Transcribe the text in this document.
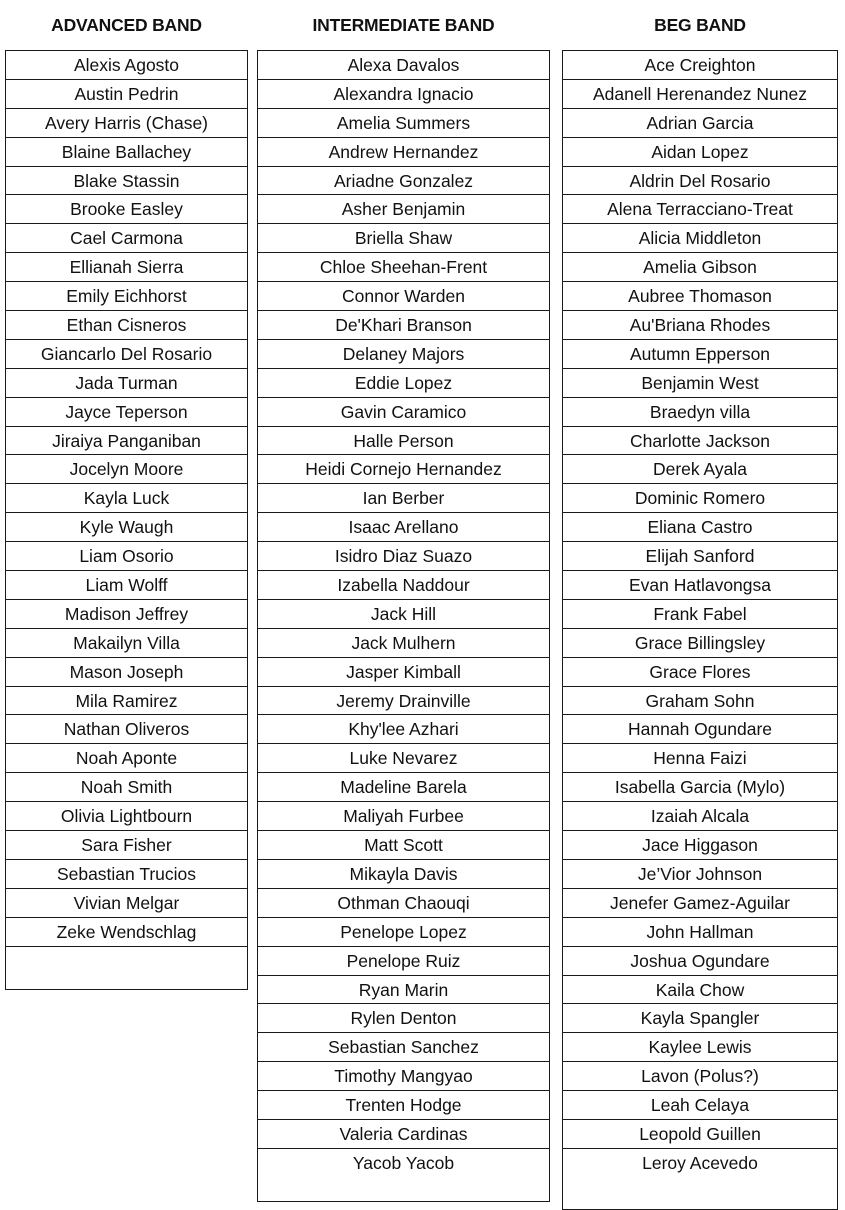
ADVANCED BAND
Alexis Agosto
Austin Pedrin
Avery Harris (Chase)
Blaine Ballachey
Blake Stassin
Brooke Easley
Cael Carmona
Ellianah Sierra
Emily Eichhorst
Ethan Cisneros
Giancarlo Del Rosario
Jada Turman
Jayce Teperson
Jiraiya Panganiban
Jocelyn Moore
Kayla Luck
Kyle Waugh
Liam Osorio
Liam Wolff
Madison Jeffrey
Makailyn Villa
Mason Joseph
Mila Ramirez
Nathan Oliveros
Noah Aponte
Noah Smith
Olivia Lightbourn
Sara Fisher
Sebastian Trucios
Vivian Melgar
Zeke Wendschlag
INTERMEDIATE BAND
Alexa Davalos
Alexandra Ignacio
Amelia Summers
Andrew Hernandez
Ariadne Gonzalez
Asher Benjamin
Briella Shaw
Chloe Sheehan-Frent
Connor Warden
De'Khari Branson
Delaney Majors
Eddie Lopez
Gavin Caramico
Halle Person
Heidi Cornejo Hernandez
Ian Berber
Isaac Arellano
Isidro Diaz Suazo
Izabella Naddour
Jack Hill
Jack Mulhern
Jasper Kimball
Jeremy Drainville
Khy'lee Azhari
Luke Nevarez
Madeline Barela
Maliyah Furbee
Matt Scott
Mikayla Davis
Othman Chaouqi
Penelope Lopez
Penelope Ruiz
Ryan Marin
Rylen Denton
Sebastian Sanchez
Timothy Mangyao
Trenten Hodge
Valeria Cardinas
Yacob Yacob
BEG BAND
Ace Creighton
Adanell Herenandez Nunez
Adrian Garcia
Aidan Lopez
Aldrin Del Rosario
Alena Terracciano-Treat
Alicia Middleton
Amelia Gibson
Aubree Thomason
Au'Briana Rhodes
Autumn Epperson
Benjamin West
Braedyn villa
Charlotte Jackson
Derek Ayala
Dominic Romero
Eliana Castro
Elijah Sanford
Evan Hatlavongsa
Frank Fabel
Grace Billingsley
Grace Flores
Graham Sohn
Hannah Ogundare
Henna Faizi
Isabella Garcia (Mylo)
Izaiah Alcala
Jace Higgason
Je’Vior Johnson
Jenefer Gamez-Aguilar
John Hallman
Joshua Ogundare
Kaila Chow
Kayla Spangler
Kaylee Lewis
Lavon (Polus?)
Leah Celaya
Leopold Guillen
Leroy Acevedo
